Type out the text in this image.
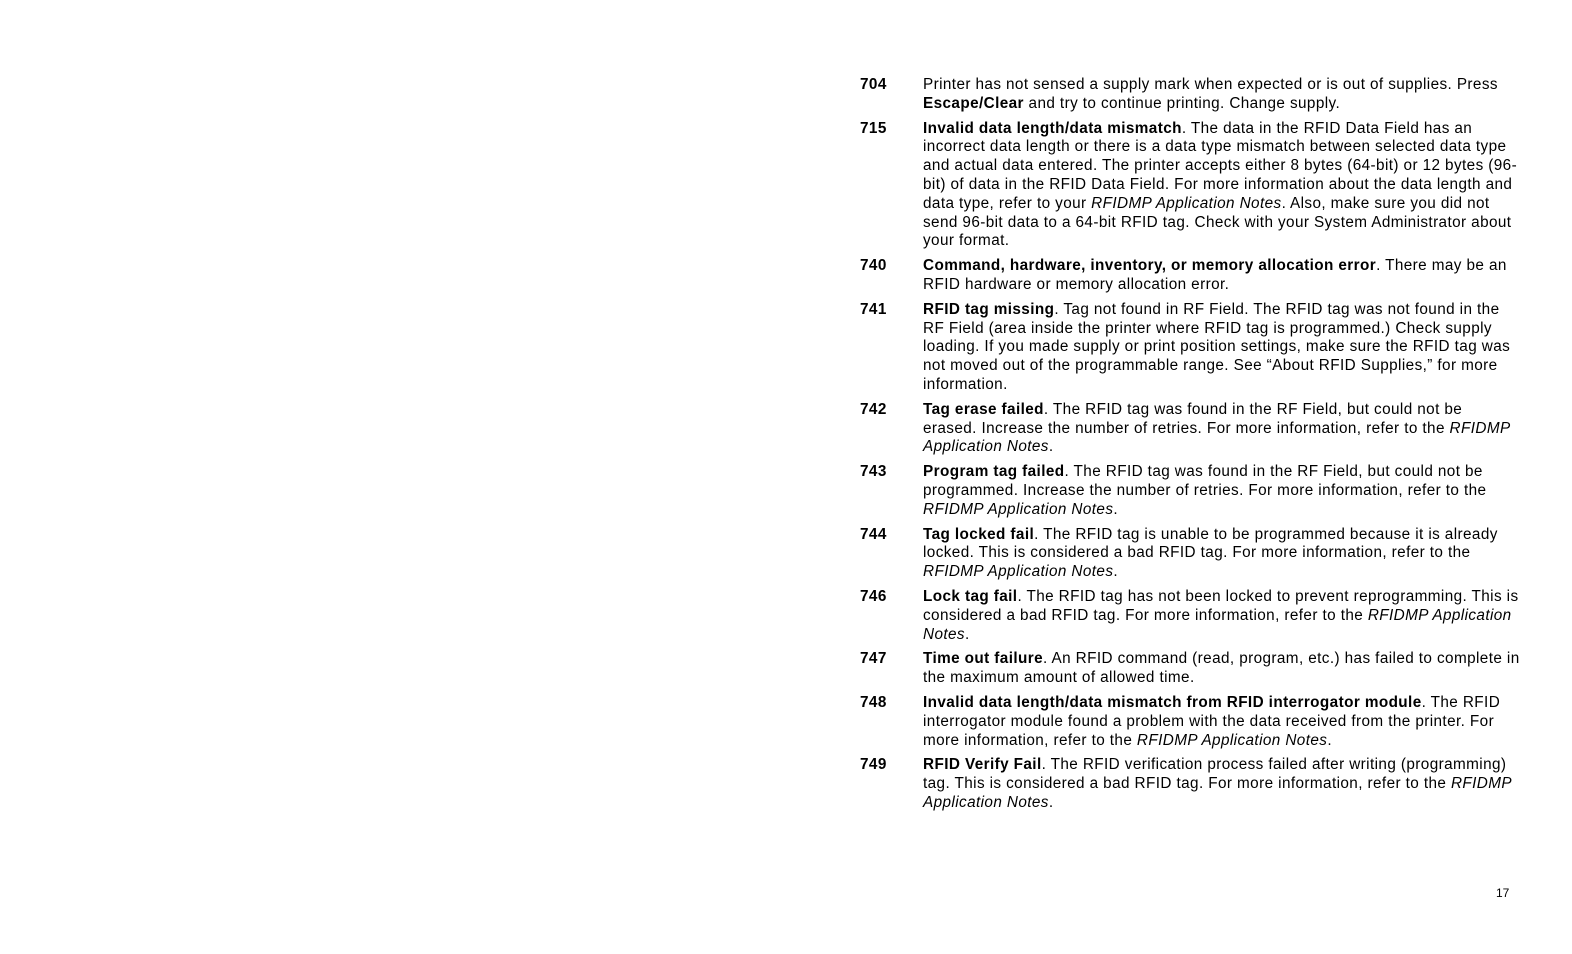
704	Printer has not sensed a supply mark when expected or is out of supplies. Press Escape/Clear and try to continue printing. Change supply.
715	Invalid data length/data mismatch. The data in the RFID Data Field has an incorrect data length or there is a data type mismatch between selected data type and actual data entered. The printer accepts either 8 bytes (64-bit) or 12 bytes (96-bit) of data in the RFID Data Field. For more information about the data length and data type, refer to your RFIDMP Application Notes. Also, make sure you did not send 96-bit data to a 64-bit RFID tag. Check with your System Administrator about your format.
740	Command, hardware, inventory, or memory allocation error. There may be an RFID hardware or memory allocation error.
741	RFID tag missing. Tag not found in RF Field. The RFID tag was not found in the RF Field (area inside the printer where RFID tag is programmed.) Check supply loading. If you made supply or print position settings, make sure the RFID tag was not moved out of the programmable range. See “About RFID Supplies,” for more information.
742	Tag erase failed. The RFID tag was found in the RF Field, but could not be erased. Increase the number of retries. For more information, refer to the RFIDMP Application Notes.
743	Program tag failed. The RFID tag was found in the RF Field, but could not be programmed. Increase the number of retries. For more information, refer to the RFIDMP Application Notes.
744	Tag locked fail. The RFID tag is unable to be programmed because it is already locked. This is considered a bad RFID tag. For more information, refer to the RFIDMP Application Notes.
746	Lock tag fail. The RFID tag has not been locked to prevent reprogramming. This is considered a bad RFID tag. For more information, refer to the RFIDMP Application Notes.
747	Time out failure. An RFID command (read, program, etc.) has failed to complete in the maximum amount of allowed time.
748	Invalid data length/data mismatch from RFID interrogator module. The RFID interrogator module found a problem with the data received from the printer. For more information, refer to the RFIDMP Application Notes.
749	RFID Verify Fail. The RFID verification process failed after writing (programming) tag. This is considered a bad RFID tag. For more information, refer to the RFIDMP Application Notes.
17
